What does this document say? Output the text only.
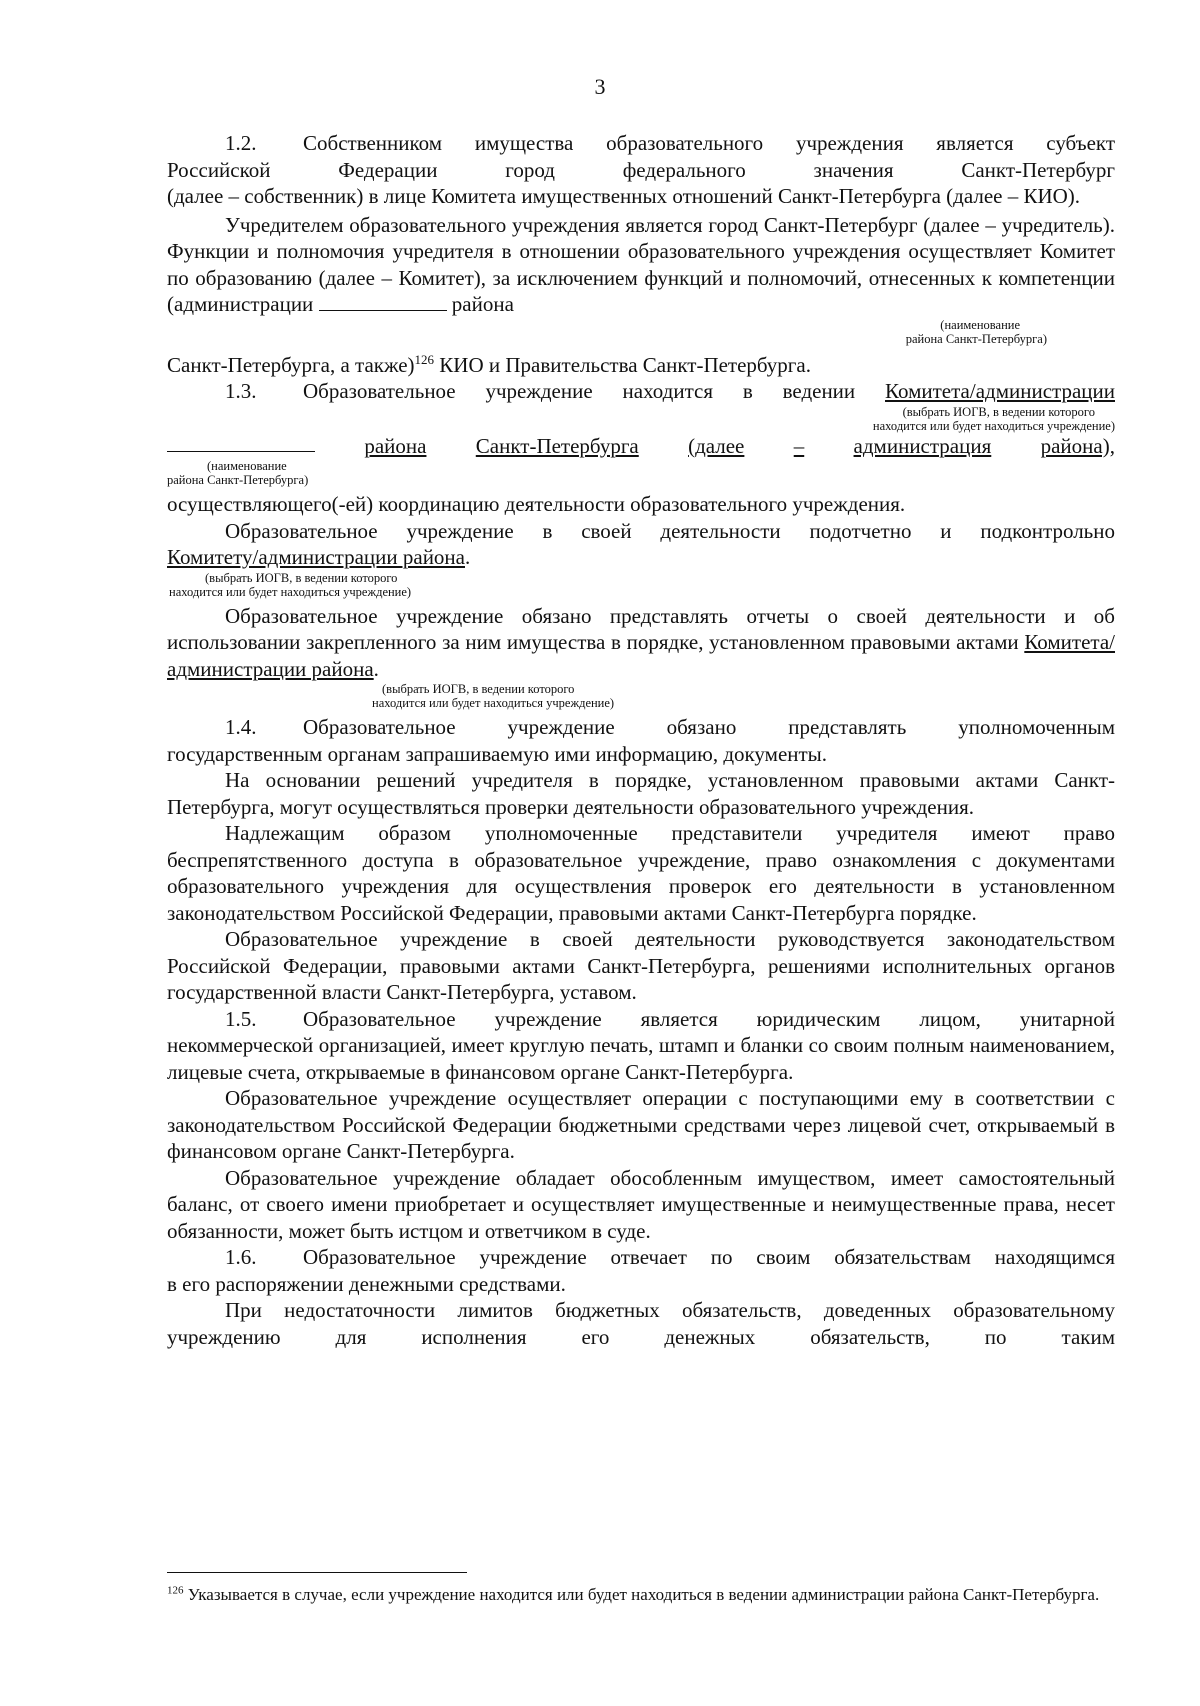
3

1.2. Собственником имущества образовательного учреждения является субъект

Российской Федерации город федерального значения Санкт-Петербург

(далее – собственник) в лице Комитета имущественных отношений Санкт-Петербурга (далее – КИО).

Учредителем образовательного учреждения является город Санкт-Петербург (далее – учредитель). Функции и полномочия учредителя в отношении образовательного учреждения осуществляет Комитет по образованию (далее – Комитет), за исключением функций и полномочий, отнесенных к компетенции (администрации	района

(наименование
района Санкт-Петербурга)

Санкт-Петербурга, а также)$^{126}$ КИО и Правительства Санкт-Петербурга.

1.3. Образовательное учреждение находится в ведении Комитета/администрации

(выбрать ИОГВ, в ведении которого
находится или будет находиться учреждение)
района Санкт-Петербурга (далее – администрация района),
(наименование
района Санкт-Петербурга)

осуществляющего(-ей) координацию деятельности образовательного учреждения.

Образовательное учреждение в своей деятельности подотчетно и подконтрольно

Комитету/администрации района.

(выбрать ИОГВ, в ведении которого
находится или будет находиться учреждение)

Образовательное учреждение обязано представлять отчеты о своей деятельности и об использовании закрепленного за ним имущества в порядке, установленном правовыми актами Комитета/администрации района.

(выбрать ИОГВ, в ведении которого
находится или будет находиться учреждение)

1.4. Образовательное учреждение обязано представлять уполномоченным

государственным органам запрашиваемую ими информацию, документы.

На основании решений учредителя в порядке, установленном правовыми актами Санкт-Петербурга, могут осуществляться проверки деятельности образовательного учреждения.

Надлежащим образом уполномоченные представители учредителя имеют право беспрепятственного доступа в образовательное учреждение, право ознакомления с документами образовательного учреждения для осуществления проверок его деятельности в установленном законодательством Российской Федерации, правовыми актами Санкт-Петербурга порядке.

Образовательное учреждение в своей деятельности руководствуется законодательством Российской Федерации, правовыми актами Санкт-Петербурга, решениями исполнительных органов государственной власти Санкт-Петербурга, уставом.

1.5. Образовательное учреждение является юридическим лицом, унитарной

некоммерческой организацией, имеет круглую печать, штамп и бланки со своим полным наименованием, лицевые счета, открываемые в финансовом органе Санкт-Петербурга.

Образовательное учреждение осуществляет операции с поступающими ему в соответствии с законодательством Российской Федерации бюджетными средствами через лицевой счет, открываемый в финансовом органе Санкт-Петербурга.

Образовательное учреждение обладает обособленным имуществом, имеет самостоятельный баланс, от своего имени приобретает и осуществляет имущественные и неимущественные права, несет обязанности, может быть истцом и ответчиком в суде.

1.6. Образовательное учреждение отвечает по своим обязательствам находящимся

в его распоряжении денежными средствами.

При недостаточности лимитов бюджетных обязательств, доведенных образовательному учреждению для исполнения его денежных обязательств, по таким

$^{126}$ Указывается в случае, если учреждение находится или будет находиться в ведении администрации района Санкт-Петербурга.
